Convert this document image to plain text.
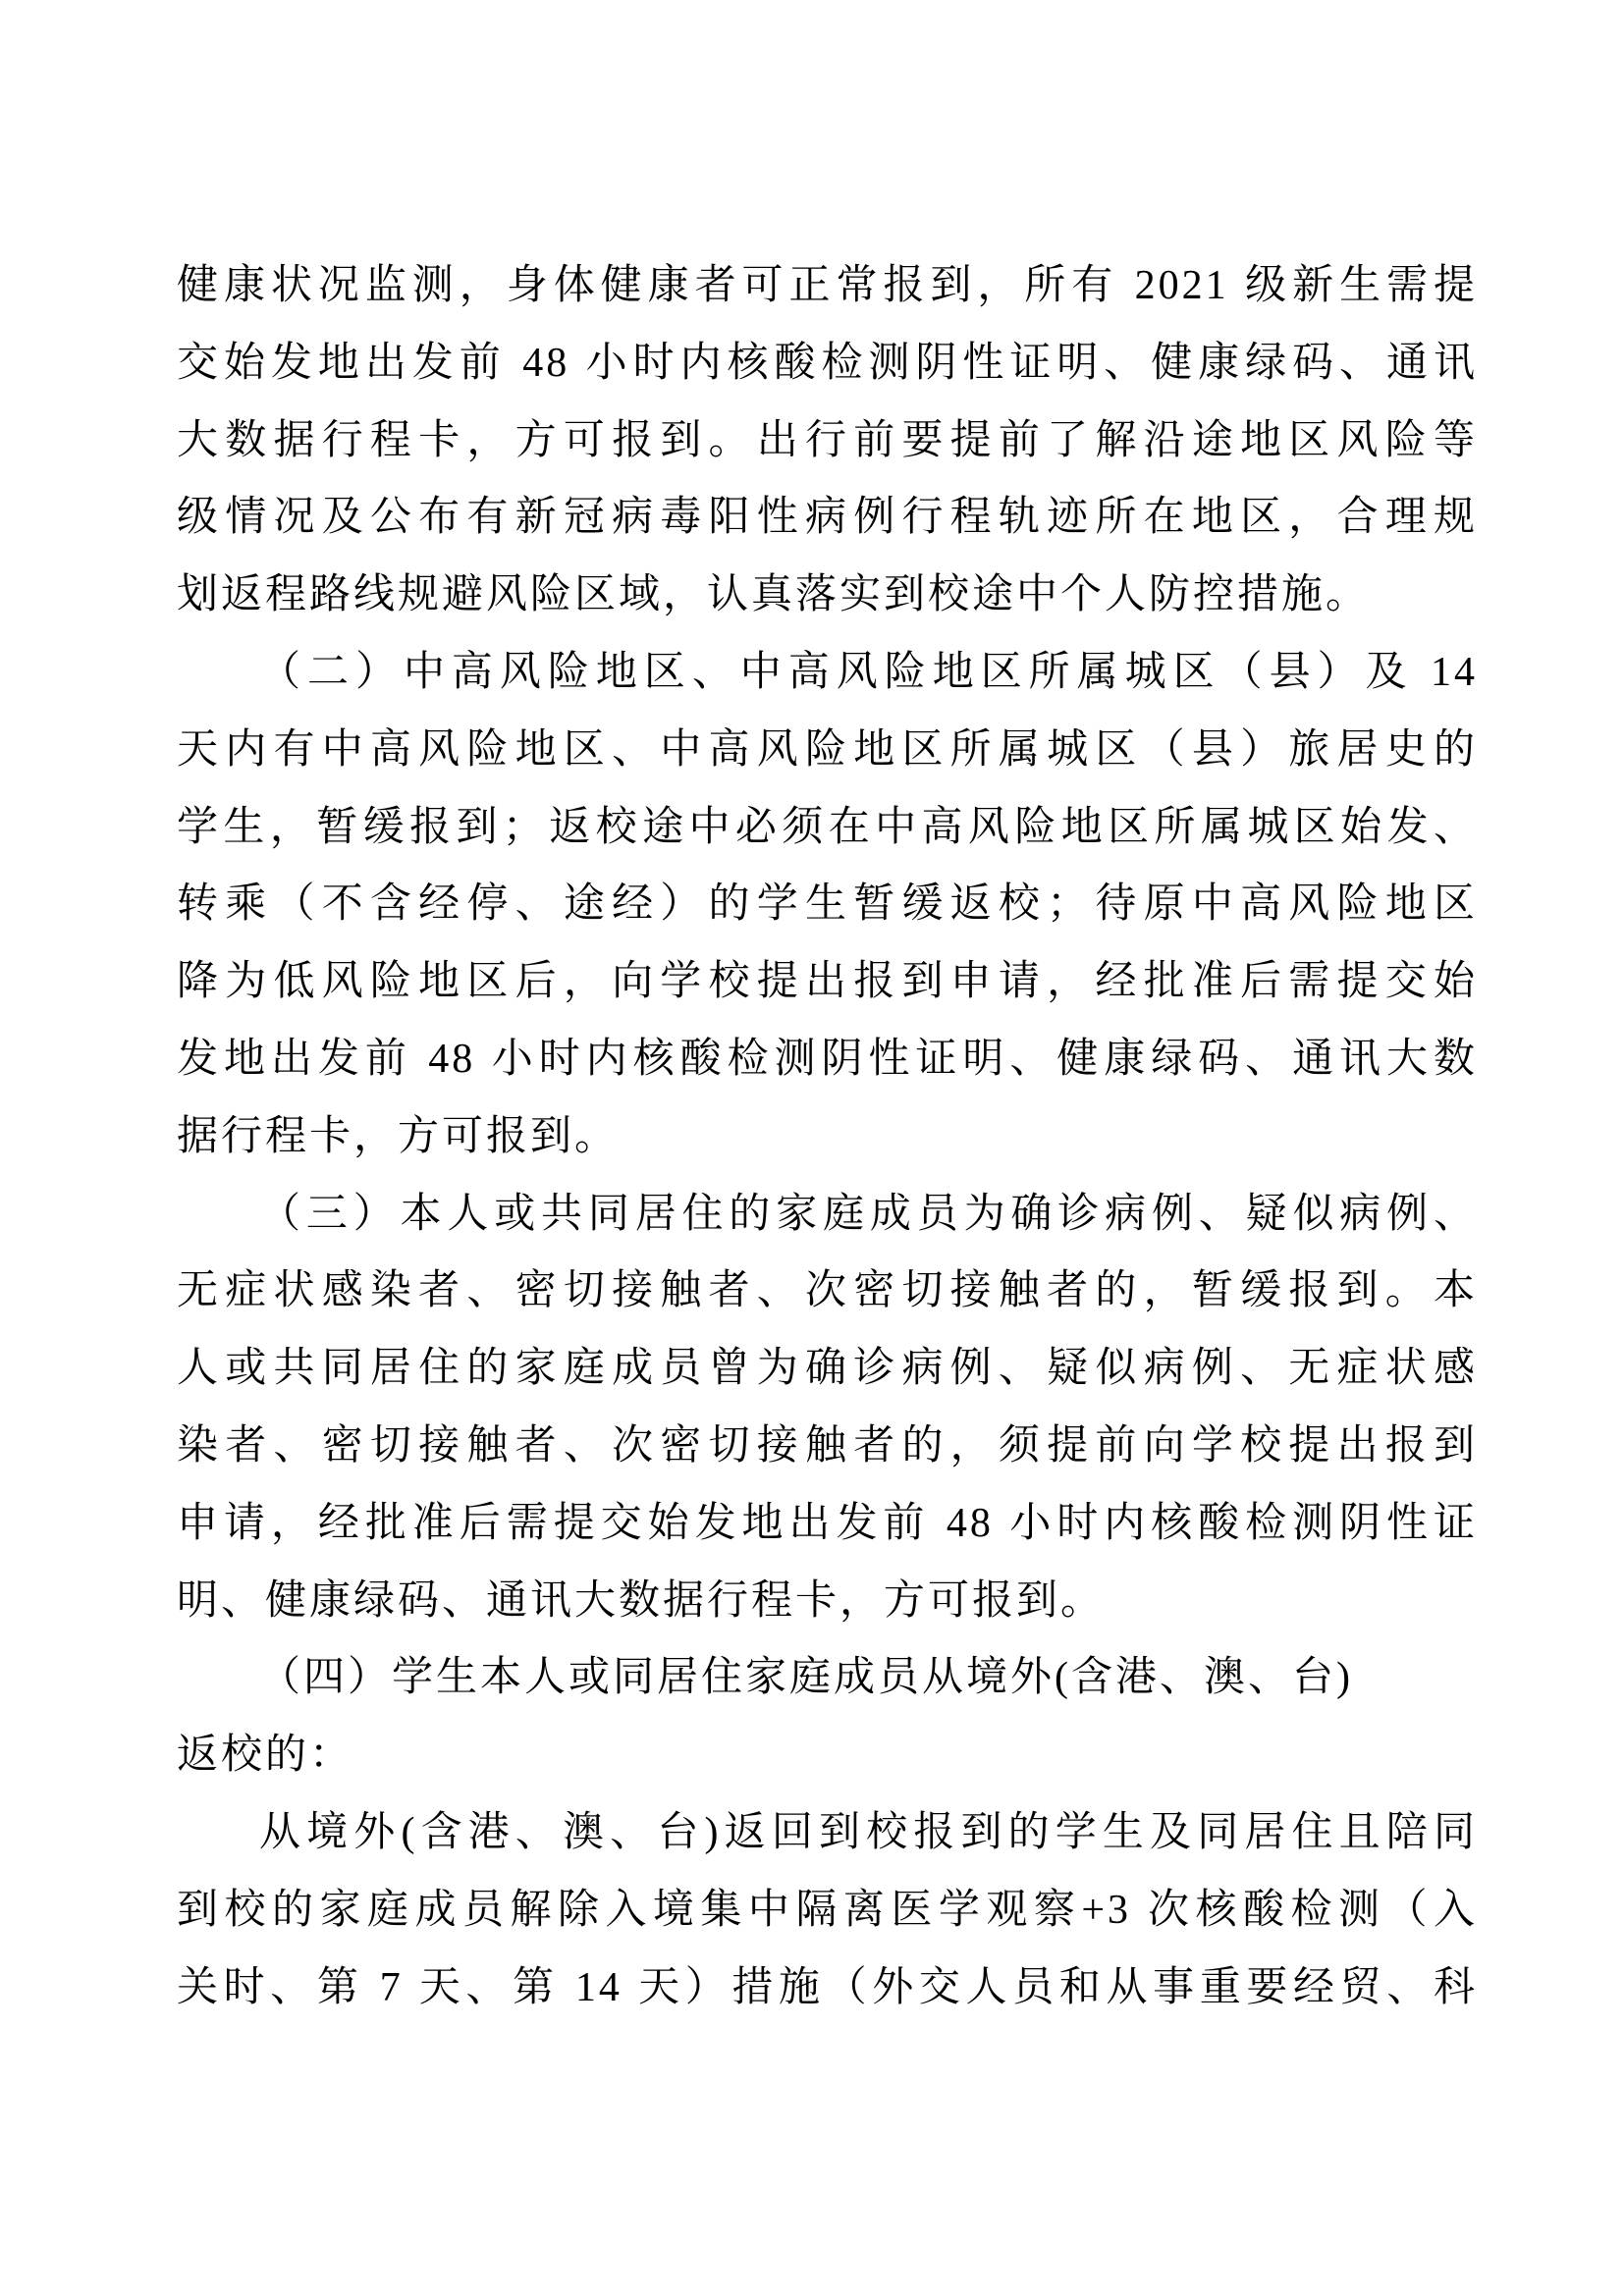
健康状况监测，身体健康者可正常报到，所有 2021 级新生需提
交始发地出发前 48 小时内核酸检测阴性证明、健康绿码、通讯
大数据行程卡，方可报到。出行前要提前了解沿途地区风险等
级情况及公布有新冠病毒阳性病例行程轨迹所在地区，合理规
划返程路线规避风险区域，认真落实到校途中个人防控措施。
（二）中高风险地区、中高风险地区所属城区（县）及 14
天内有中高风险地区、中高风险地区所属城区（县）旅居史的
学生，暂缓报到；返校途中必须在中高风险地区所属城区始发、
转乘（不含经停、途经）的学生暂缓返校；待原中高风险地区
降为低风险地区后，向学校提出报到申请，经批准后需提交始
发地出发前 48 小时内核酸检测阴性证明、健康绿码、通讯大数
据行程卡，方可报到。
（三）本人或共同居住的家庭成员为确诊病例、疑似病例、
无症状感染者、密切接触者、次密切接触者的，暂缓报到。本
人或共同居住的家庭成员曾为确诊病例、疑似病例、无症状感
染者、密切接触者、次密切接触者的，须提前向学校提出报到
申请，经批准后需提交始发地出发前 48 小时内核酸检测阴性证
明、健康绿码、通讯大数据行程卡，方可报到。
（四）学生本人或同居住家庭成员从境外(含港、澳、台)
返校的：
从境外(含港、澳、台)返回到校报到的学生及同居住且陪同
到校的家庭成员解除入境集中隔离医学观察+3 次核酸检测（入
关时、第 7 天、第 14 天）措施（外交人员和从事重要经贸、科
